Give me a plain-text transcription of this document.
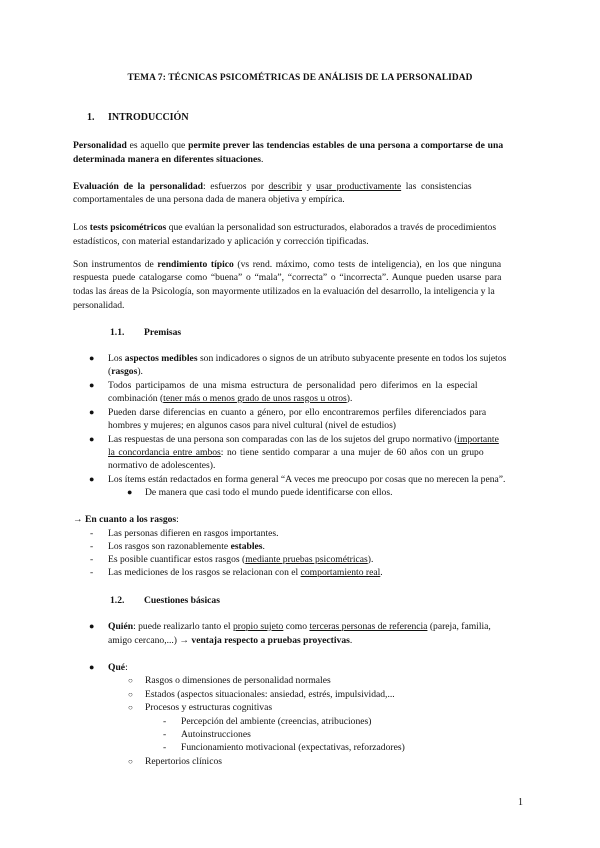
TEMA 7: TÉCNICAS PSICOMÉTRICAS DE ANÁLISIS DE LA PERSONALIDAD
1. INTRODUCCIÓN
Personalidad es aquello que permite prever las tendencias estables de una persona a comportarse de una
determinada manera en diferentes situaciones.
Evaluación de la personalidad: esfuerzos por describir y usar productivamente las consistencias
comportamentales de una persona dada de manera objetiva y empírica.
Los tests psicométricos que evalúan la personalidad son estructurados, elaborados a través de procedimientos
estadísticos, con material estandarizado y aplicación y corrección tipificadas.
Son instrumentos de rendimiento típico (vs rend. máximo, como tests de inteligencia), en los que ninguna
respuesta puede catalogarse como “buena” o “mala”, “correcta” o “incorrecta”. Aunque pueden usarse para
todas las áreas de la Psicología, son mayormente utilizados en la evaluación del desarrollo, la inteligencia y la
personalidad.
1.1. Premisas
● Los aspectos medibles son indicadores o signos de un atributo subyacente presente en todos los sujetos
(rasgos).
● Todos participamos de una misma estructura de personalidad pero diferimos en la especial
combinación (tener más o menos grado de unos rasgos u otros).
● Pueden darse diferencias en cuanto a género, por ello encontraremos perfiles diferenciados para
hombres y mujeres; en algunos casos para nivel cultural (nivel de estudios)
● Las respuestas de una persona son comparadas con las de los sujetos del grupo normativo (importante
la concordancia entre ambos: no tiene sentido comparar a una mujer de 60 años con un grupo
normativo de adolescentes).
● Los ítems están redactados en forma general “A veces me preocupo por cosas que no merecen la pena”.
● De manera que casi todo el mundo puede identificarse con ellos.
→ En cuanto a los rasgos:
- Las personas difieren en rasgos importantes.
- Los rasgos son razonablemente estables.
- Es posible cuantificar estos rasgos (mediante pruebas psicométricas).
- Las mediciones de los rasgos se relacionan con el comportamiento real.
1.2. Cuestiones básicas
● Quién: puede realizarlo tanto el propio sujeto como terceras personas de referencia (pareja, familia,
amigo cercano,...) → ventaja respecto a pruebas proyectivas.
● Qué:
○ Rasgos o dimensiones de personalidad normales
○ Estados (aspectos situacionales: ansiedad, estrés, impulsividad,...
○ Procesos y estructuras cognitivas
- Percepción del ambiente (creencias, atribuciones)
- Autoinstrucciones
- Funcionamiento motivacional (expectativas, reforzadores)
○ Repertorios clínicos
1
